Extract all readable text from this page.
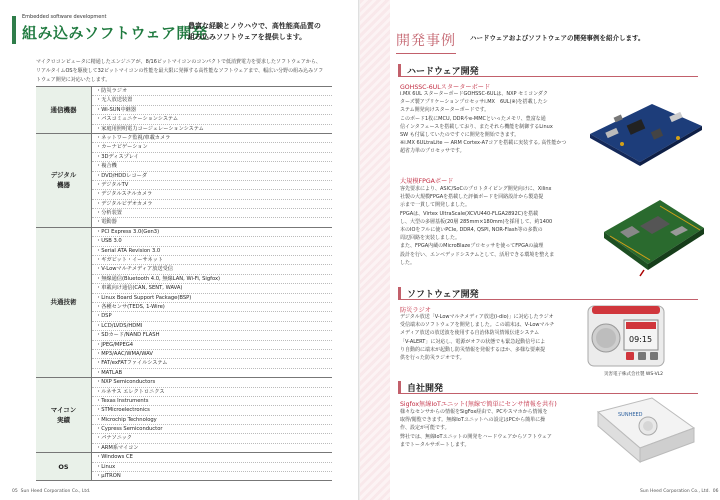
Embedded software development
組み込みソフトウェア開発
豊富な経験とノウハウで、高性能高品質の
組み込みソフトウェアを提供します。
マイクロコンピュータに精通したエンジニアが、8/16ビットマイコンのコンパクトで低消費電力を要求したソフトウェアから、
リアルタイムOSを駆使して32ビットマイコンの性能を最大限に発揮する高性能なソフトウェアまで、幅広い分野の組み込みソフ
トウェア開発に対応いたします。
通信機器
・防災ラジオ
・无人放送装置
・Wi-SUN中継器
・パスコミュニケーションシステム
・家庭用照明電力コージェレーションシステム
デジタル
機器
・ネットワーク監視/車載カメラ
・カーナビゲーション
・3Dディスプレイ
・複合機
・DVD/HDDレコーダ
・デジタルTV
・デジタルスチルカメラ
・デジタルビデオカメラ
・分析装置
・電動器
共通技術
・PCI Express 3.0(Gen3)
・USB 3.0
・Serial ATA Revision 3.0
・ギガビット・イーサネット
・V-Lowマルチメディア放送受信
・無線通信(Bluetooth 4.0, 無線LAN, Wi-Fi, Sigfox)
・車載向け通信(CAN, SENT, WAVA)
・Linux Board Support Package(BSP)
・各種センサ(TEDS, 1-Wire)
・DSP
・LCD/LVDS/HDMI
・SDカード/NAND FLASH
・JPEG/MPEG4
・MP3/AAC/WMA/WAV
・FAT/exFATファイルシステム
・MATLAB
マイコン
実績
・NXP Semiconductors
・ルネサス エレクトロニクス
・Texas Instruments
・STMicroelectronics
・Microchip Technology
・Cypress Semiconductor
・パナソニック
・ARM系マイコン
OS
・Windows CE
・Linux
・µITRON
05 Sun Heed Corporation Co., Ltd.
開発事例 ハードウェアおよびソフトウェアの開発事例を紹介します。
ハードウェア開発
GOHSSC-6ULスターターボード
i.MX 6UL スターターボードGOHSSC-6ULは、NXP セミコンダク
ターズ製アプリケーションプロセッサi.MX　6UL(※)を搭載したシ
ステム開発向けスターターボードです。
このボード1枚にMCU, DDRやe-MMCといったメモリ、豊富な通
信インタフェースを搭載しており、またそれら機能を制御するLinux
SW も付属していたのですぐに開発を開始できます。
※i.MX 6ULtraLite — ARM Cortex-A7コアを搭載に実装する, 高性能かつ
超省力単のプロセッサです。
大規模FPGAボード
客先要求により、ASIC/SoCのプロトタイピング開発向けに、Xilinx
社製の大規模FPGAを搭載した評価ボードを回路設計から製造提
示まで一貫して開発しました。
FPGAは、Virtex UltraScale(XCVU440-FLGA2892C)を搭載
し、大型の多層基板(20層 285mm×180mm)を採用して、約1400
本のIOをフルに使いPCIe, DDR4, QSPI, NOR-Flash等の多数の
周辺回路を実装しました。
また、FPGA内蔵のMicroBlazeプロセッサを使ってFPGAの論理
設計を行い、エンベデッドシステムとして、活用できる環境を整えま
した。
ソフトウェア開発
防災ラジオ
デジタル放送「V-Lowマルチメディア放送(i-dio)」に対応したラジオ
受信端末のソフトウェアを開発しました。この端末は、V-Lowマルチ
メディア放送の放送波を使用する自治体防災情報伝達システム
「V-ALERT」に対応し、電源がオフの状態でも緊急起動信号によ
り自動的に端末が起動し防災情報を発報するほか、多様な要素提
供を行った防災ラジオです。
09:15
災害電子株式会社製 WS-VL2
自社開発
Sigfox無線IoTユニット(無線で簡単にセンサ情報を共有)
様々なセンサからの情報をSigFox経由で、PCやスマホから情報を
取得/閲覧できます。無線IoTユニットへの設定はPCから簡単に操
作、設定が可能です。
弊社では、無線IoTユニットの開発をハードウェアからソフトウェア
までトータルサポートします。
SUNHEED
Sun Heed Corporation Co., Ltd. 06
